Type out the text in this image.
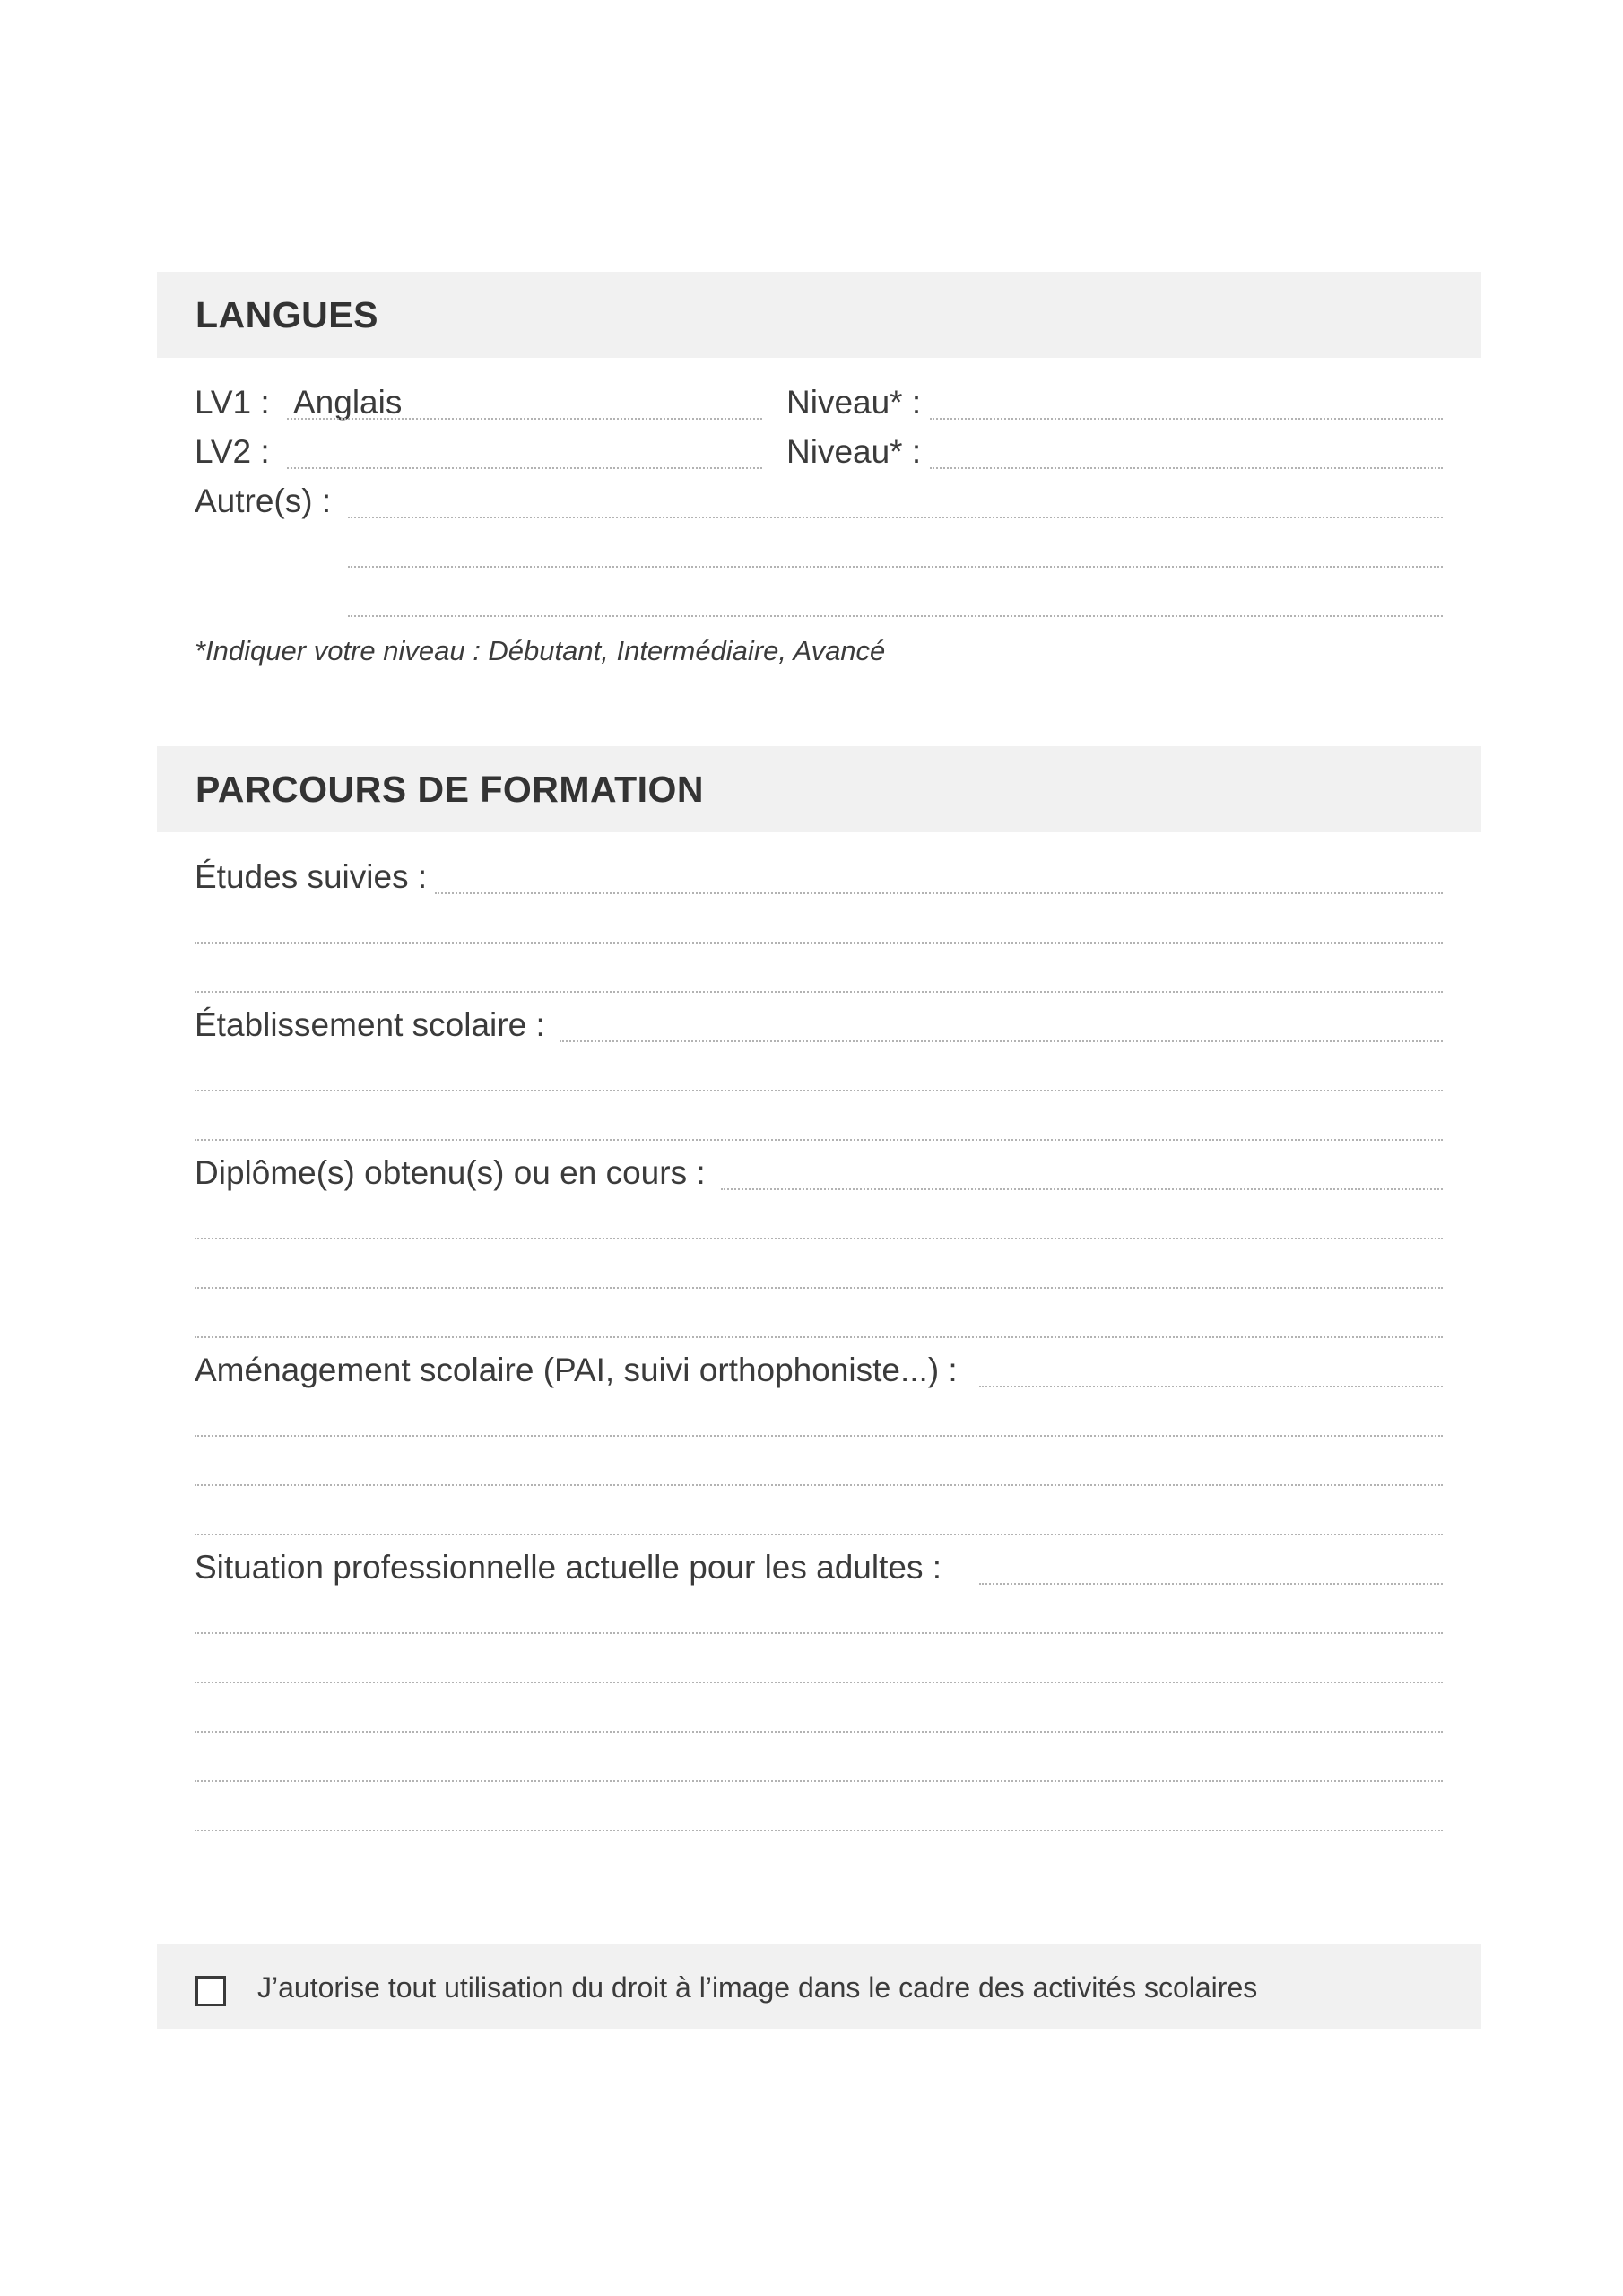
LANGUES
LV1 : Anglais	Niveau* :
LV2 :	Niveau* :
Autre(s) :
*Indiquer votre niveau : Débutant, Intermédiaire, Avancé
PARCOURS DE FORMATION
Études suivies :
Établissement scolaire :
Diplôme(s) obtenu(s) ou en cours :
Aménagement scolaire (PAI, suivi orthophoniste...) :
Situation professionnelle actuelle pour les adultes :
J’autorise tout utilisation du droit à l’image dans le cadre des activités scolaires
